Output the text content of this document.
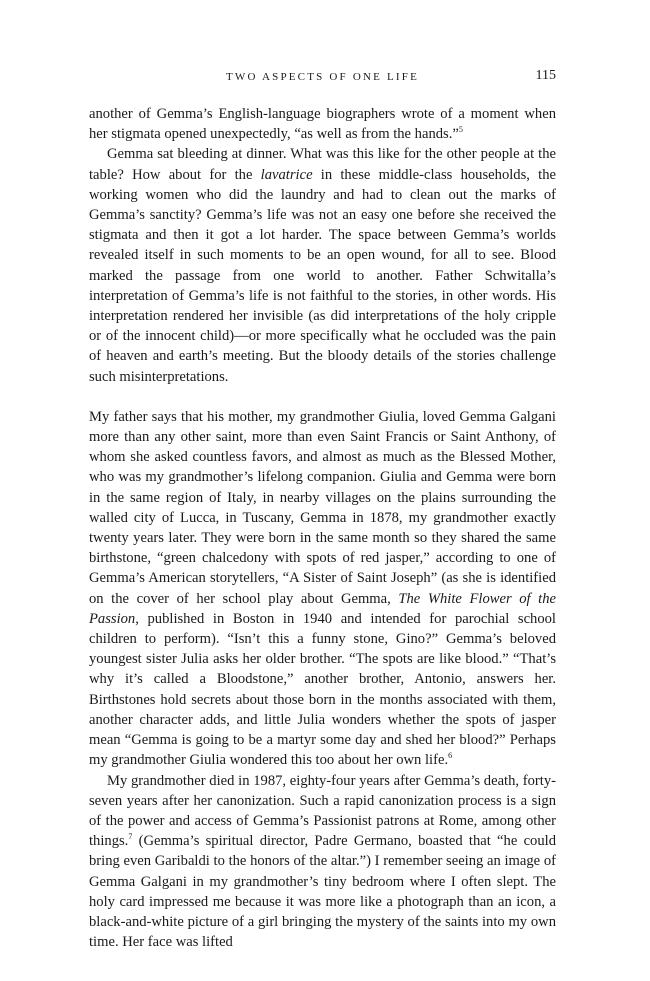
TWO ASPECTS OF ONE LIFE	115

another of Gemma’s English-language biographers wrote of a moment when her stigmata opened unexpectedly, “as well as from the hands.”$^5$

Gemma sat bleeding at dinner. What was this like for the other people at the table? How about for the lavatrice in these middle-class households, the working women who did the laundry and had to clean out the marks of Gemma’s sanctity? Gemma’s life was not an easy one before she received the stigmata and then it got a lot harder. The space between Gemma’s worlds revealed itself in such moments to be an open wound, for all to see. Blood marked the passage from one world to another. Father Schwitalla’s interpretation of Gemma’s life is not faithful to the stories, in other words. His interpretation rendered her invisible (as did interpretations of the holy cripple or of the innocent child)—or more specifically what he occluded was the pain of heaven and earth’s meeting. But the bloody details of the stories challenge such misinterpretations.

My father says that his mother, my grandmother Giulia, loved Gemma Galgani more than any other saint, more than even Saint Francis or Saint Anthony, of whom she asked countless favors, and almost as much as the Blessed Mother, who was my grandmother’s lifelong companion. Giulia and Gemma were born in the same region of Italy, in nearby villages on the plains surrounding the walled city of Lucca, in Tuscany, Gemma in 1878, my grandmother exactly twenty years later. They were born in the same month so they shared the same birthstone, “green chalcedony with spots of red jasper,” according to one of Gemma’s American storytellers, “A Sister of Saint Joseph” (as she is identified on the cover of her school play about Gemma, The White Flower of the Passion, published in Boston in 1940 and intended for parochial school children to perform). “Isn’t this a funny stone, Gino?” Gemma’s beloved youngest sister Julia asks her older brother. “The spots are like blood.” “That’s why it’s called a Bloodstone,” another brother, Antonio, answers her. Birthstones hold secrets about those born in the months associated with them, another character adds, and little Julia wonders whether the spots of jasper mean “Gemma is going to be a martyr some day and shed her blood?” Perhaps my grandmother Giulia wondered this too about her own life.$^6$

My grandmother died in 1987, eighty-four years after Gemma’s death, forty-seven years after her canonization. Such a rapid canonization process is a sign of the power and access of Gemma’s Passionist patrons at Rome, among other things.$^7$ (Gemma’s spiritual director, Padre Germano, boasted that “he could bring even Garibaldi to the honors of the altar.”) I remember seeing an image of Gemma Galgani in my grandmother’s tiny bedroom where I often slept. The holy card impressed me because it was more like a photograph than an icon, a black-and-white picture of a girl bringing the mystery of the saints into my own time. Her face was lifted
